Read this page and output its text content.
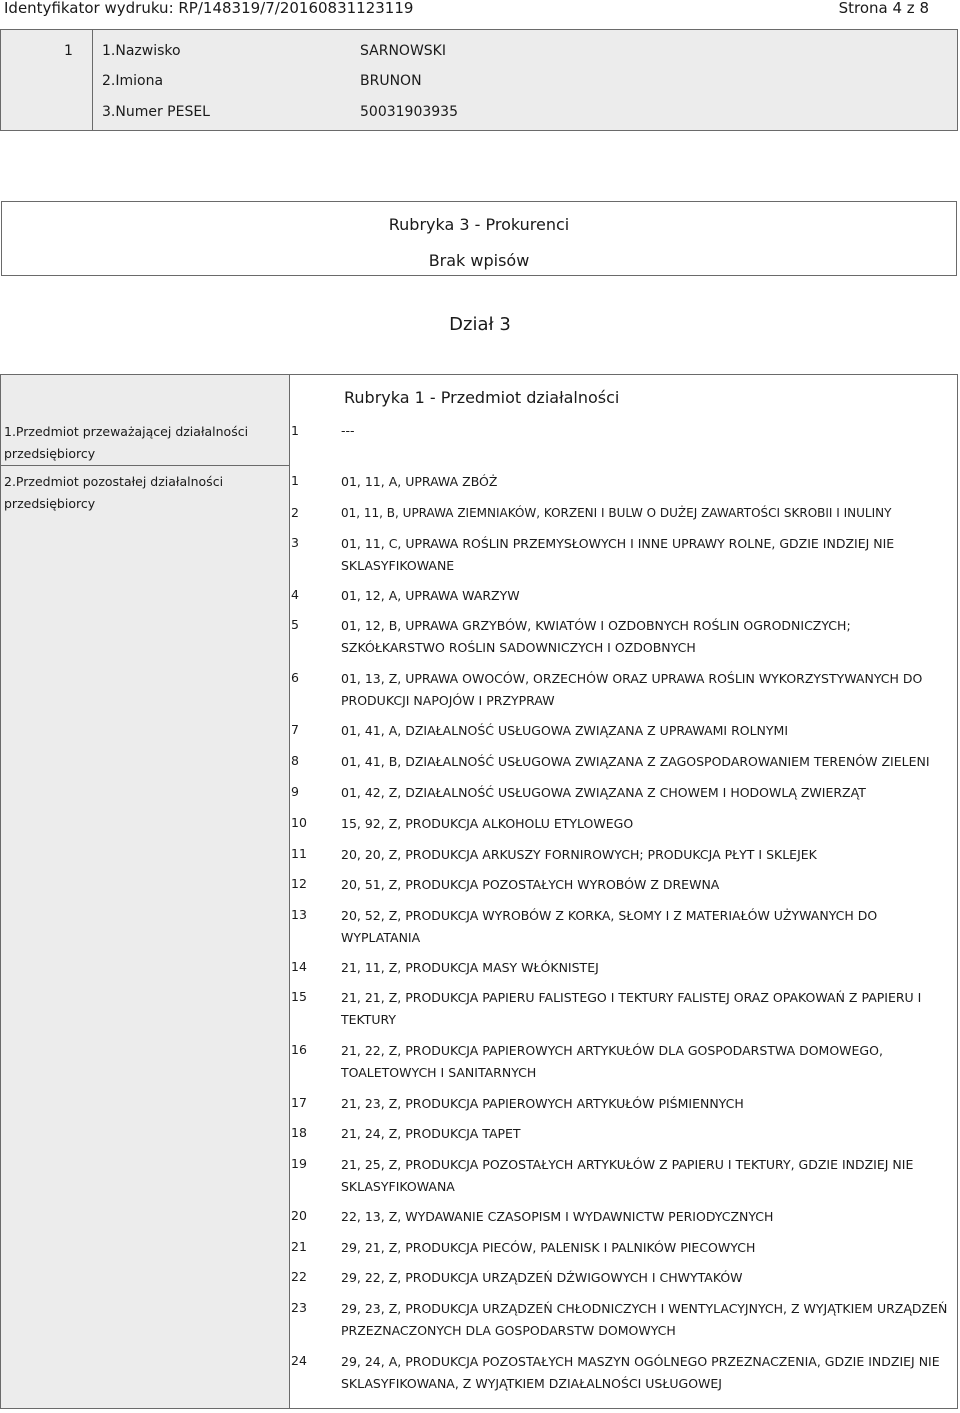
Identyfikator wydruku: RP/148319/7/20160831123119	Strona 4 z 8
1 1.Nazwisko	SARNOWSKI
2.Imiona	BRUNON
3.Numer PESEL	50031903935
Rubryka 3 - Prokurenci
Brak wpisów
Dział 3
Rubryka 1 - Przedmiot działalności
1.Przedmiot przeważającej działalności
przedsiębiorcy
1	---
2.Przedmiot pozostałej działalności
przedsiębiorcy
1	01, 11, A, UPRAWA ZBÓŻ
2	01, 11, B, UPRAWA ZIEMNIAKÓW, KORZENI I BULW O DUŻEJ ZAWARTOŚCI SKROBII I INULINY
3	01, 11, C, UPRAWA ROŚLIN PRZEMYSŁOWYCH I INNE UPRAWY ROLNE, GDZIE INDZIEJ NIE SKLASYFIKOWANE
4	01, 12, A, UPRAWA WARZYW
5	01, 12, B, UPRAWA GRZYBÓW, KWIATÓW I OZDOBNYCH ROŚLIN OGRODNICZYCH; SZKÓŁKARSTWO ROŚLIN SADOWNICZYCH I OZDOBNYCH
6	01, 13, Z, UPRAWA OWOCÓW, ORZECHÓW ORAZ UPRAWA ROŚLIN WYKORZYSTYWANYCH DO PRODUKCJI NAPOJÓW I PRZYPRAW
7	01, 41, A, DZIAŁALNOŚĆ USŁUGOWA ZWIĄZANA Z UPRAWAMI ROLNYMI
8	01, 41, B, DZIAŁALNOŚĆ USŁUGOWA ZWIĄZANA Z ZAGOSPODAROWANIEM TERENÓW ZIELENI
9	01, 42, Z, DZIAŁALNOŚĆ USŁUGOWA ZWIĄZANA Z CHOWEM I HODOWLĄ ZWIERZĄT
10	15, 92, Z, PRODUKCJA ALKOHOLU ETYLOWEGO
11	20, 20, Z, PRODUKCJA ARKUSZY FORNIROWYCH; PRODUKCJA PŁYT I SKLEJEK
12	20, 51, Z, PRODUKCJA POZOSTAŁYCH WYROBÓW Z DREWNA
13	20, 52, Z, PRODUKCJA WYROBÓW Z KORKA, SŁOMY I Z MATERIAŁÓW UŻYWANYCH DO WYPLATANIA
14	21, 11, Z, PRODUKCJA MASY WŁÓKNISTEJ
15	21, 21, Z, PRODUKCJA PAPIERU FALISTEGO I TEKTURY FALISTEJ ORAZ OPAKOWAŃ Z PAPIERU I TEKTURY
16	21, 22, Z, PRODUKCJA PAPIEROWYCH ARTYKUŁÓW DLA GOSPODARSTWA DOMOWEGO, TOALETOWYCH I SANITARNYCH
17	21, 23, Z, PRODUKCJA PAPIEROWYCH ARTYKUŁÓW PIŚMIENNYCH
18	21, 24, Z, PRODUKCJA TAPET
19	21, 25, Z, PRODUKCJA POZOSTAŁYCH ARTYKUŁÓW Z PAPIERU I TEKTURY, GDZIE INDZIEJ NIE SKLASYFIKOWANA
20	22, 13, Z, WYDAWANIE CZASOPISM I WYDAWNICTW PERIODYCZNYCH
21	29, 21, Z, PRODUKCJA PIECÓW, PALENISK I PALNIKÓW PIECOWYCH
22	29, 22, Z, PRODUKCJA URZĄDZEŃ DŹWIGOWYCH I CHWYTAKÓW
23	29, 23, Z, PRODUKCJA URZĄDZEŃ CHŁODNICZYCH I WENTYLACYJNYCH, Z WYJĄTKIEM URZĄDZEŃ PRZEZNACZONYCH DLA GOSPODARSTW DOMOWYCH
24	29, 24, A, PRODUKCJA POZOSTAŁYCH MASZYN OGÓLNEGO PRZEZNACZENIA, GDZIE INDZIEJ NIE SKLASYFIKOWANA, Z WYJĄTKIEM DZIAŁALNOŚCI USŁUGOWEJ
